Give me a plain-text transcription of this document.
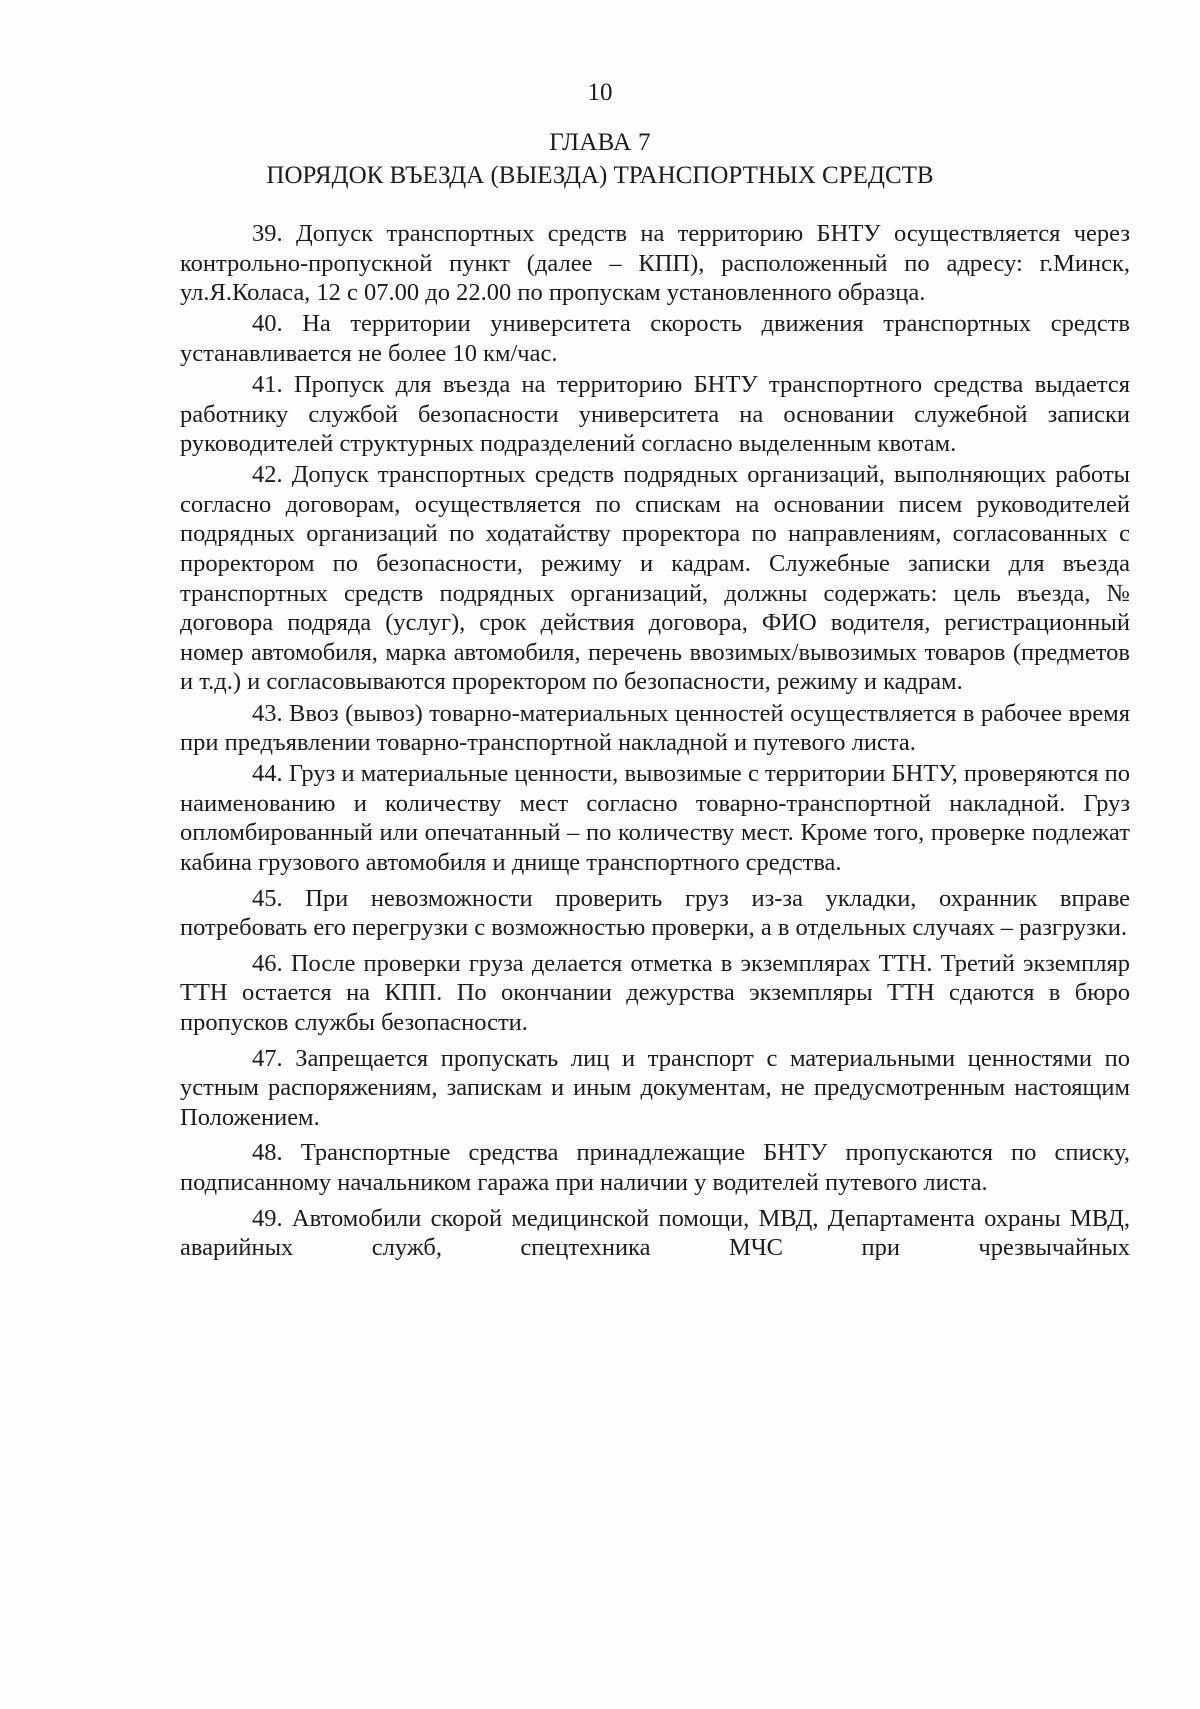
10
ГЛАВА 7
ПОРЯДОК ВЪЕЗДА (ВЫЕЗДА) ТРАНСПОРТНЫХ СРЕДСТВ

39. Допуск транспортных средств на территорию БНТУ осуществляется через контрольно-пропускной пункт (далее – КПП), расположенный по адресу: г.Минск, ул.Я.Коласа, 12 с 07.00 до 22.00 по пропускам установленного образца.

40. На территории университета скорость движения транспортных средств устанавливается не более 10 км/час.

41. Пропуск для въезда на территорию БНТУ транспортного средства выдается работнику службой безопасности университета на основании служебной записки руководителей структурных подразделений согласно выделенным квотам.

42. Допуск транспортных средств подрядных организаций, выполняющих работы согласно договорам, осуществляется по спискам на основании писем руководителей подрядных организаций по ходатайству проректора по направлениям, согласованных с проректором по безопасности, режиму и кадрам. Служебные записки для въезда транспортных средств подрядных организаций, должны содержать: цель въезда, № договора подряда (услуг), срок действия договора, ФИО водителя, регистрационный номер автомобиля, марка автомобиля, перечень ввозимых/вывозимых товаров (предметов и т.д.) и согласовываются проректором по безопасности, режиму и кадрам.

43. Ввоз (вывоз) товарно-материальных ценностей осуществляется в рабочее время при предъявлении товарно-транспортной накладной и путевого листа.

44. Груз и материальные ценности, вывозимые с территории БНТУ, проверяются по наименованию и количеству мест согласно товарно-транспортной накладной. Груз опломбированный или опечатанный – по количеству мест. Кроме того, проверке подлежат кабина грузового автомобиля и днище транспортного средства.

45. При невозможности проверить груз из-за укладки, охранник вправе потребовать его перегрузки с возможностью проверки, а в отдельных случаях – разгрузки.

46. После проверки груза делается отметка в экземплярах ТТН. Третий экземпляр ТТН остается на КПП. По окончании дежурства экземпляры ТТН сдаются в бюро пропусков службы безопасности.

47. Запрещается пропускать лиц и транспорт с материальными ценностями по устным распоряжениям, запискам и иным документам, не предусмотренным настоящим Положением.

48. Транспортные средства принадлежащие БНТУ пропускаются по списку, подписанному начальником гаража при наличии у водителей путевого листа.

49. Автомобили скорой медицинской помощи, МВД, Департамента охраны МВД, аварийных служб, спецтехника МЧС при чрезвычайных
